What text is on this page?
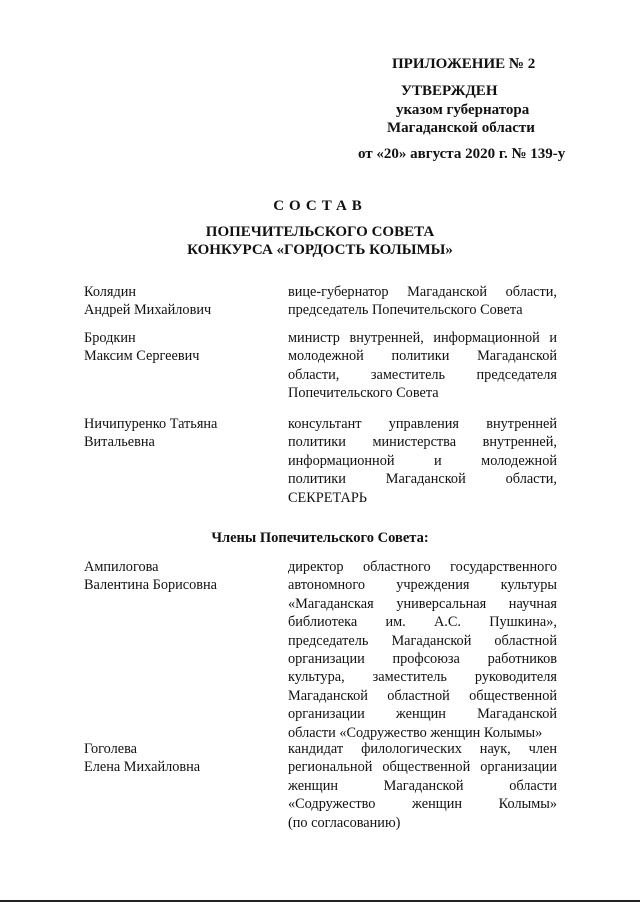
ПРИЛОЖЕНИЕ № 2
УТВЕРЖДЕН
указом губернатора
Магаданской области
от «20» августа 2020 г. № 139-у
СОСТАВ
ПОПЕЧИТЕЛЬСКОГО СОВЕТА
КОНКУРСА «ГОРДОСТЬ КОЛЫМЫ»
Колядин
Андрей Михайлович
вице-губернатор Магаданской области,
председатель Попечительского Совета
Бродкин
Максим Сергеевич
министр внутренней, информационной и
молодежной политики Магаданской
области, заместитель председателя
Попечительского Совета
Ничипуренко Татьяна
Витальевна
консультант управления внутренней
политики министерства внутренней,
информационной и молодежной
политики Магаданской области,
СЕКРЕТАРЬ
Члены Попечительского Совета:
Ампилогова
Валентина Борисовна
директор областного государственного
автономного учреждения культуры
«Магаданская универсальная научная
библиотека им. А.С. Пушкина»,
председатель Магаданской областной
организации профсоюза работников
культура, заместитель руководителя
Магаданской областной общественной
организации женщин Магаданской
области «Содружество женщин Колымы»
Гоголева
Елена Михайловна
кандидат филологических наук, член
региональной общественной организации
женщин Магаданской области
«Содружество женщин Колымы»
(по согласованию)
